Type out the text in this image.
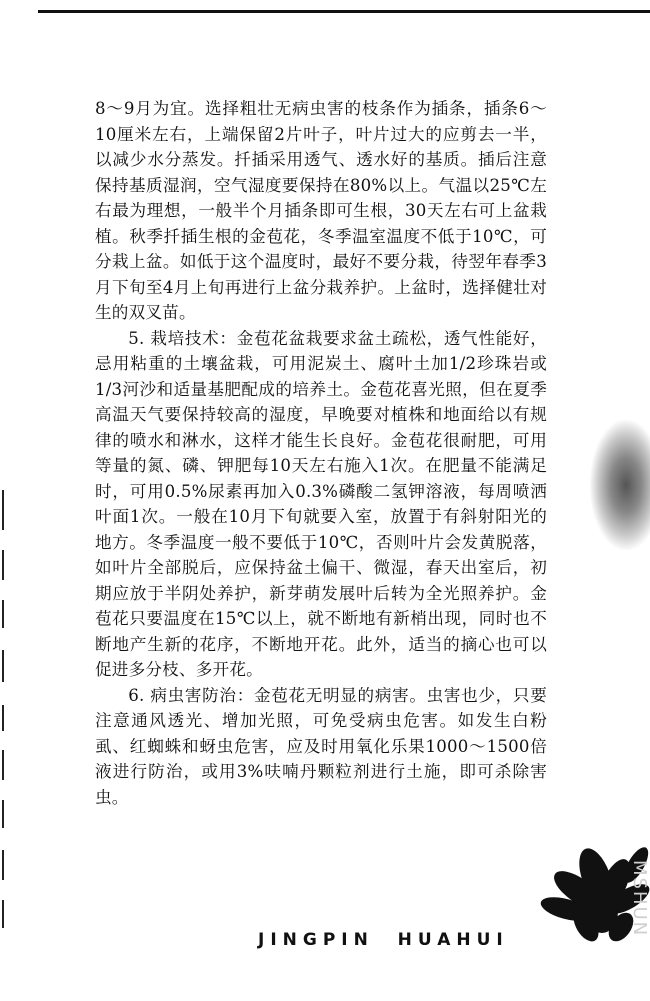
8～9月为宜。选择粗壮无病虫害的枝条作为插条，插条6～10厘米左右，上端保留2片叶子，叶片过大的应剪去一半，以减少水分蒸发。扦插采用透气、透水好的基质。插后注意保持基质湿润，空气湿度要保持在80%以上。气温以25℃左右最为理想，一般半个月插条即可生根，30天左右可上盆栽植。秋季扦插生根的金苞花，冬季温室温度不低于10℃，可分栽上盆。如低于这个温度时，最好不要分栽，待翌年春季3月下旬至4月上旬再进行上盆分栽养护。上盆时，选择健壮对生的双叉苗。

5. 栽培技术：金苞花盆栽要求盆土疏松，透气性能好，忌用粘重的土壤盆栽，可用泥炭土、腐叶土加1/2珍珠岩或1/3河沙和适量基肥配成的培养土。金苞花喜光照，但在夏季高温天气要保持较高的湿度，早晚要对植株和地面给以有规律的喷水和淋水，这样才能生长良好。金苞花很耐肥，可用等量的氮、磷、钾肥每10天左右施入1次。在肥量不能满足时，可用0.5%尿素再加入0.3%磷酸二氢钾溶液，每周喷洒叶面1次。一般在10月下旬就要入室，放置于有斜射阳光的地方。冬季温度一般不要低于10℃，否则叶片会发黄脱落，如叶片全部脱后，应保持盆土偏干、微湿，春天出室后，初期应放于半阴处养护，新芽萌发展叶后转为全光照养护。金苞花只要温度在15℃以上，就不断地有新梢出现，同时也不断地产生新的花序，不断地开花。此外，适当的摘心也可以促进多分枝、多开花。

6. 病虫害防治：金苞花无明显的病害。虫害也少，只要注意通风透光、增加光照，可免受病虫危害。如发生白粉虱、红蜘蛛和蚜虫危害，应及时用氧化乐果1000～1500倍液进行防治，或用3%呋喃丹颗粒剂进行土施，即可杀除害虫。

JINGPIN  HUAHUI
MSHUN
